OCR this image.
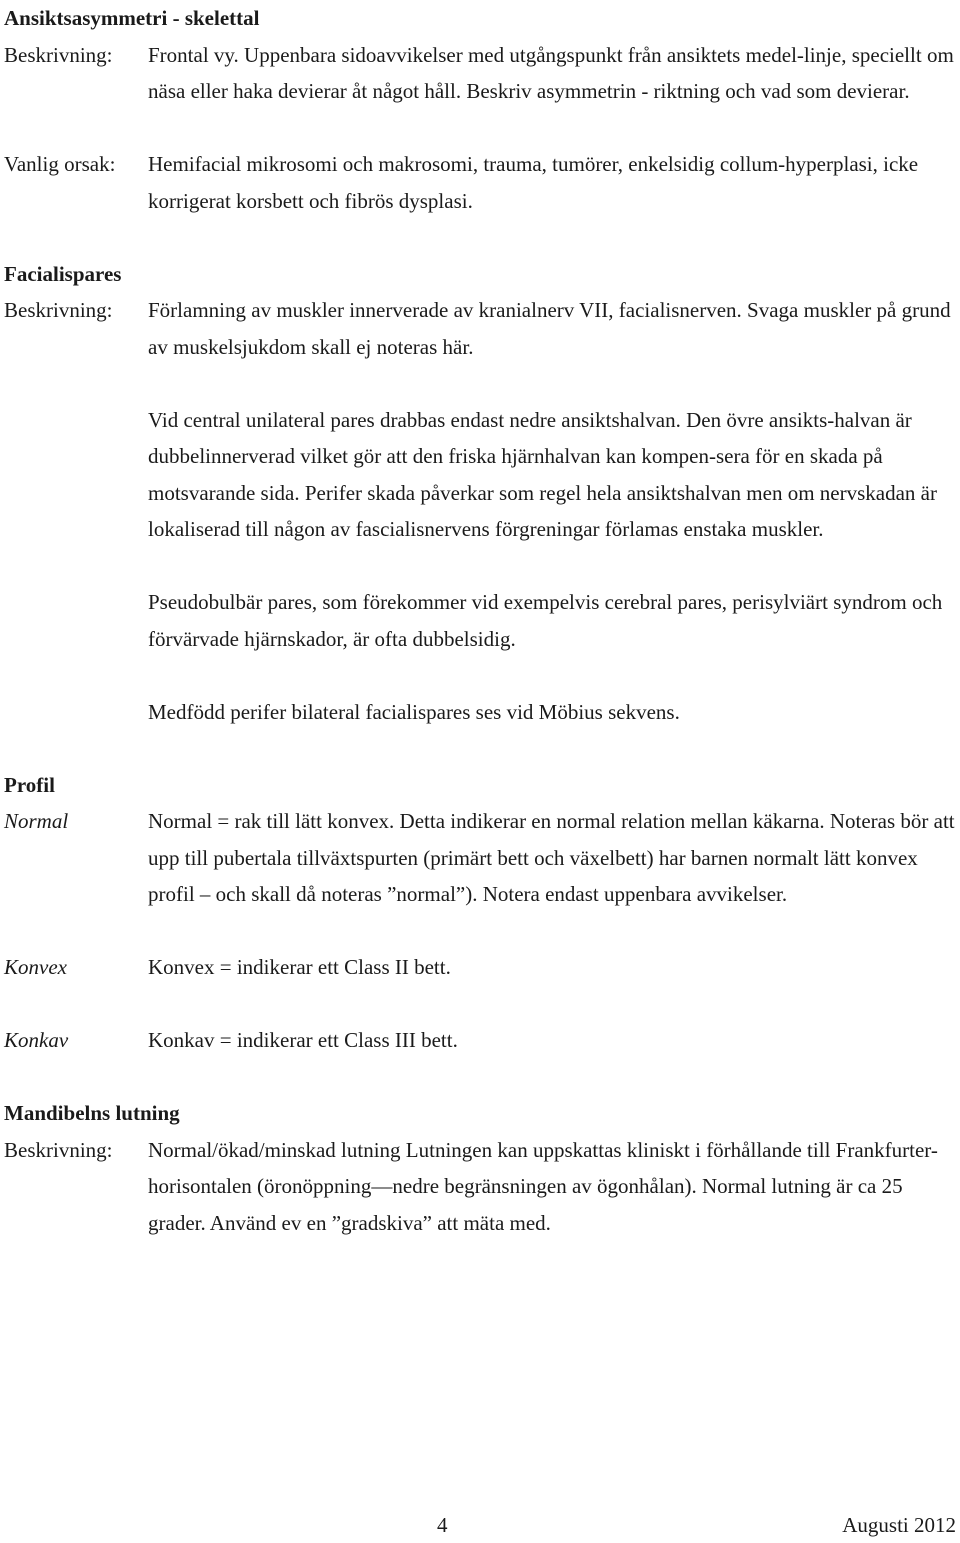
Ansiktsasymmetri - skelettal
Beskrivning:	Frontal vy. Uppenbara sidoavvikelser med utgångspunkt från ansiktets medel-linje, speciellt om näsa eller haka devierar åt något håll. Beskriv asymmetrin - riktning och vad som devierar.

Vanlig orsak:	Hemifacial mikrosomi och makrosomi, trauma, tumörer, enkelsidig collum-hyperplasi, icke korrigerat korsbett och fibrös dysplasi.

Facialispares
Beskrivning:	Förlamning av muskler innerverade av kranialnerv VII, facialisnerven. Svaga muskler på grund av muskelsjukdom skall ej noteras här.

Vid central unilateral pares drabbas endast nedre ansiktshalvan. Den övre ansikts-halvan är dubbelinnerverad vilket gör att den friska hjärnhalvan kan kompen-sera för en skada på motsvarande sida. Perifer skada påverkar som regel hela ansiktshalvan men om nervskadan är lokaliserad till någon av fascialisnervens förgreningar förlamas enstaka muskler.

Pseudobulbär pares, som förekommer vid exempelvis cerebral pares, perisylviärt syndrom och förvärvade hjärnskador, är ofta dubbelsidig.

Medfödd perifer bilateral facialispares ses vid Möbius sekvens.

Profil
Normal	Normal = rak till lätt konvex. Detta indikerar en normal relation mellan käkarna. Noteras bör att upp till pubertala tillväxtspurten (primärt bett och växelbett) har barnen normalt lätt konvex profil – och skall då noteras ”normal”). Notera endast uppenbara avvikelser.

Konvex	Konvex = indikerar ett Class II bett.

Konkav	Konkav = indikerar ett Class III bett.

Mandibelns lutning
Beskrivning:	Normal/ökad/minskad lutning Lutningen kan uppskattas kliniskt i förhållande till Frankfurter-horisontalen (öronöppning—nedre begränsningen av ögonhålan). Normal lutning är ca 25 grader. Använd ev en ”gradskiva” att mäta med.

4	Augusti 2012
